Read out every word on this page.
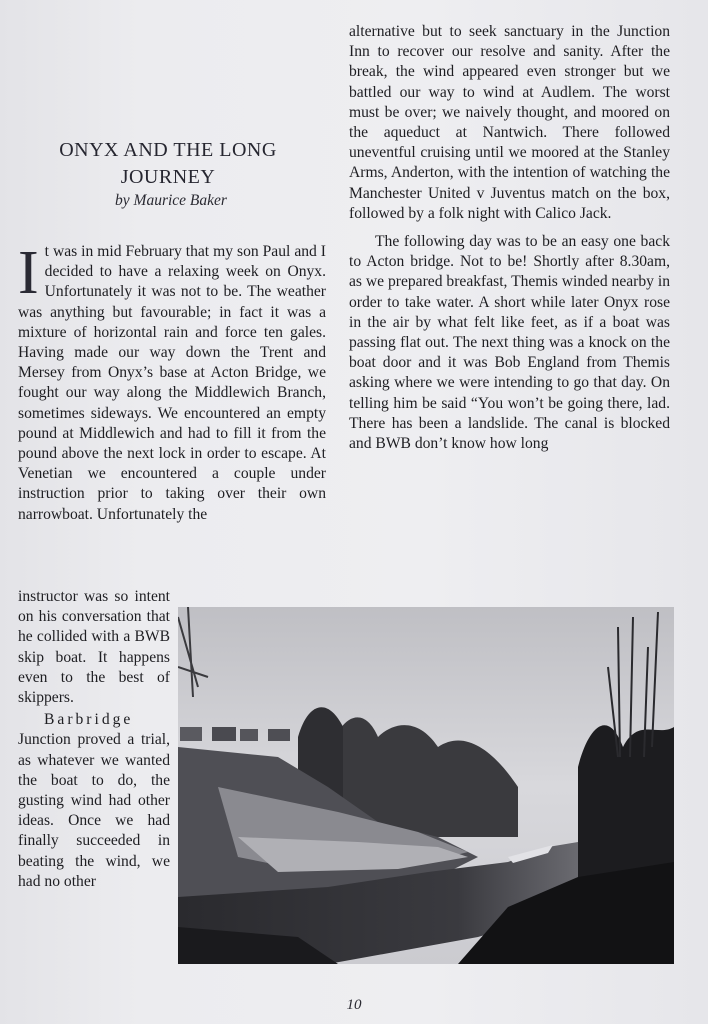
ONYX AND THE LONG JOURNEY
by Maurice Baker

It was in mid February that my son Paul and I decided to have a relaxing week on Onyx. Unfortunately it was not to be. The weather was anything but favourable; in fact it was a mixture of horizontal rain and force ten gales. Having made our way down the Trent and Mersey from Onyx’s base at Acton Bridge, we fought our way along the Middlewich Branch, sometimes sideways. We encountered an empty pound at Middlewich and had to fill it from the pound above the next lock in order to escape. At Venetian we encountered a couple under instruction prior to taking over their own narrowboat. Unfortunately the

instructor was so intent on his conversation that he collided with a BWB skip boat. It happens even to the best of skippers.

Barbridge Junction proved a trial, as whatever we wanted the boat to do, the gusting wind had other ideas. Once we had finally succeeded in beating the wind, we had no other

alternative but to seek sanctuary in the Junction Inn to recover our resolve and sanity. After the break, the wind appeared even stronger but we battled our way to wind at Audlem. The worst must be over; we naively thought, and moored on the aqueduct at Nantwich. There followed uneventful cruising until we moored at the Stanley Arms, Anderton, with the intention of watching the Manchester United v Juventus match on the box, followed by a folk night with Calico Jack.

The following day was to be an easy one back to Acton bridge. Not to be! Shortly after 8.30am, as we prepared breakfast, Themis winded nearby in order to take water. A short while later Onyx rose in the air by what felt like feet, as if a boat was passing flat out. The next thing was a knock on the boat door and it was Bob England from Themis asking where we were intending to go that day. On telling him be said “You won’t be going there, lad. There has been a landslide. The canal is blocked and BWB don’t know how long

10
